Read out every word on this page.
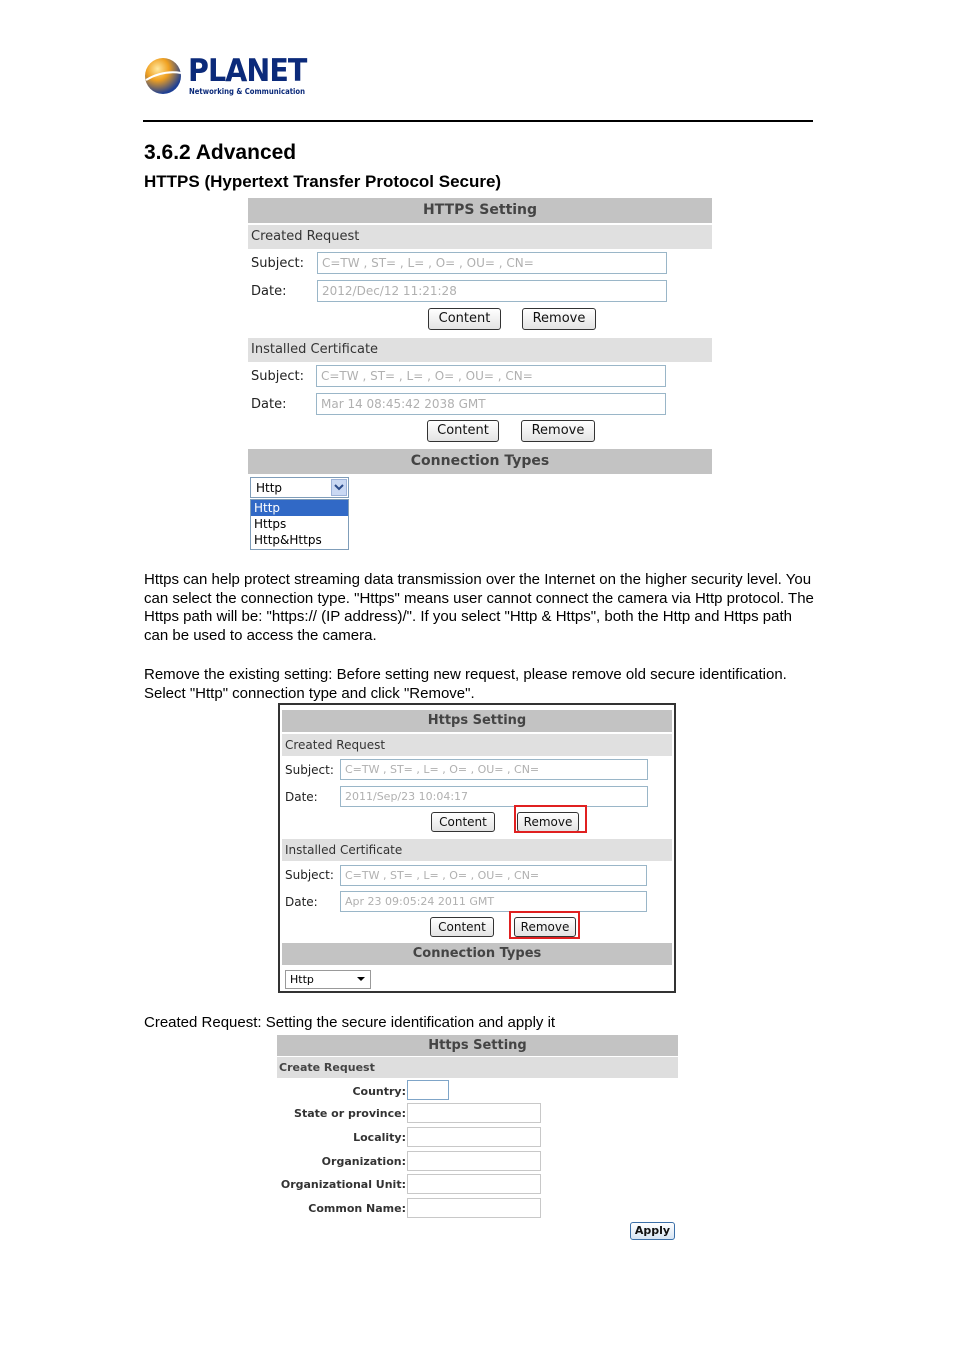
PLANET
Networking & Communication
3.6.2 Advanced
HTTPS (Hypertext Transfer Protocol Secure)
HTTPS Setting
Created Request
Subject:	C=TW , ST= , L= , O= , OU= , CN=
Date:	2012/Dec/12 11:21:28
Content	Remove
Installed Certificate
Subject:	C=TW , ST= , L= , O= , OU= , CN=
Date:	Mar 14 08:45:42 2038 GMT
Content	Remove
Connection Types
Http
Http
Https
Http&Https
Https can help protect streaming data transmission over the Internet on the higher security level. You can select the connection type. "Https" means user cannot connect the camera via Http protocol. The Https path will be: "https:// (IP address)/". If you select "Http & Https", both the Http and Https path can be used to access the camera.
Remove the existing setting: Before setting new request, please remove old secure identification. Select "Http" connection type and click "Remove".
Https Setting
Created Request
Subject:	C=TW , ST= , L= , O= , OU= , CN=
Date:	2011/Sep/23 10:04:17
Content	Remove
Installed Certificate
Subject:	C=TW , ST= , L= , O= , OU= , CN=
Date:	Apr 23 09:05:24 2011 GMT
Content	Remove
Connection Types
Http
Created Request: Setting the secure identification and apply it
Https Setting
Create Request
Country:
State or province:
Locality:
Organization:
Organizational Unit:
Common Name:
Apply
